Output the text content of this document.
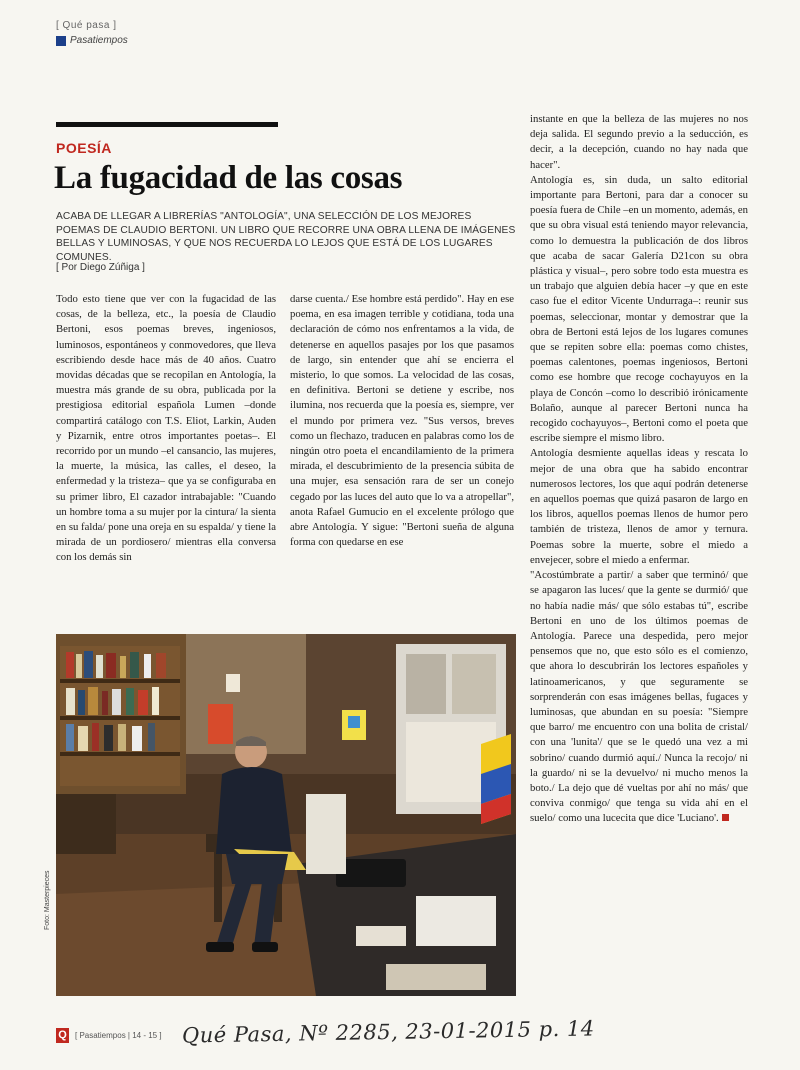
[ Qué pasa ]
Pasatiempos
POESÍA
La fugacidad de las cosas
ACABA DE LLEGAR A LIBRERÍAS "ANTOLOGÍA", UNA SELECCIÓN DE LOS MEJORES POEMAS DE CLAUDIO BERTONI. UN LIBRO QUE RECORRE UNA OBRA LLENA DE IMÁGENES BELLAS Y LUMINOSAS, Y QUE NOS RECUERDA LO LEJOS QUE ESTÁ DE LOS LUGARES COMUNES.
[ Por Diego Zúñiga ]

Todo esto tiene que ver con la fugacidad de las cosas, de la belleza, etc., la poesía de Claudio Bertoni, esos poemas breves, ingeniosos, luminosos, espontáneos y conmovedores, que lleva escribiendo desde hace más de 40 años. Cuatro movidas décadas que se recopilan en Antología, la muestra más grande de su obra, publicada por la prestigiosa editorial española Lumen –donde compartirá catálogo con T.S. Eliot, Larkin, Auden y Pizarnik, entre otros importantes poetas–. El recorrido por un mundo –el cansancio, las mujeres, la muerte, la música, las calles, el deseo, la enfermedad y la tristeza– que ya se configuraba en su primer libro, El cazador intrabajable: "Cuando un hombre toma a su mujer por la cintura/ la sienta en su falda/ pone una oreja en su espalda/ y tiene la mirada de un pordiosero/ mientras ella conversa con los demás sin

darse cuenta./ Ese hombre está perdido". Hay en ese poema, en esa imagen terrible y cotidiana, toda una declaración de cómo nos enfrentamos a la vida, de detenerse en aquellos pasajes por los que pasamos de largo, sin entender que ahí se encierra el misterio, lo que somos. La velocidad de las cosas, en definitiva. Bertoni se detiene y escribe, nos ilumina, nos recuerda que la poesía es, siempre, ver el mundo por primera vez. "Sus versos, breves como un flechazo, traducen en palabras como los de ningún otro poeta el encandilamiento de la primera mirada, el descubrimiento de la presencia súbita de una mujer, esa sensación rara de ser un conejo cegado por las luces del auto que lo va a atropellar", anota Rafael Gumucio en el excelente prólogo que abre Antología. Y sigue: "Bertoni sueña de alguna forma con quedarse en ese

instante en que la belleza de las mujeres no nos deja salida. El segundo previo a la seducción, es decir, a la decepción, cuando no hay nada que hacer".

Antología es, sin duda, un salto editorial importante para Bertoni, para dar a conocer su poesía fuera de Chile –en un momento, además, en que su obra visual está teniendo mayor relevancia, como lo demuestra la publicación de dos libros que acaba de sacar Galería D21con su obra plástica y visual–, pero sobre todo esta muestra es un trabajo que alguien debía hacer –y que en este caso fue el editor Vicente Undurraga–: reunir sus poemas, seleccionar, montar y demostrar que la obra de Bertoni está lejos de los lugares comunes que se repiten sobre ella: poemas como chistes, poemas calentones, poemas ingeniosos, Bertoni como ese hombre que recoge cochayuyos en la playa de Concón –como lo describió irónicamente Bolaño, aunque al parecer Bertoni nunca ha recogido cochayuyos–, Bertoni como el poeta que escribe siempre el mismo libro.

Antología desmiente aquellas ideas y rescata lo mejor de una obra que ha sabido encontrar numerosos lectores, los que aquí podrán detenerse en aquellos poemas que quizá pasaron de largo en los libros, aquellos poemas llenos de humor pero también de tristeza, llenos de amor y ternura. Poemas sobre la muerte, sobre el miedo a envejecer, sobre el miedo a enfermar.

"Acostúmbrate a partir/ a saber que terminó/ que se apagaron las luces/ que la gente se durmió/ que no había nadie más/ que sólo estabas tú", escribe Bertoni en uno de los últimos poemas de Antología. Parece una despedida, pero mejor pensemos que no, que esto sólo es el comienzo, que ahora lo descubrirán los lectores españoles y latinoamericanos, y que seguramente se sorprenderán con esas imágenes bellas, fugaces y luminosas, que abundan en su poesía: "Siempre que barro/ me encuentro con una bolita de cristal/ con una 'lunita'/ que se le quedó una vez a mi sobrino/ cuando durmió aquí./ Nunca la recojo/ ni la guardo/ ni se la devuelvo/ ni mucho menos la boto./ La dejo que dé vueltas por ahí no más/ que conviva conmigo/ que tenga su vida ahí en el suelo/ como una lucecita que dice 'Luciano'.

Foto: Masterpieces
Q [ Pasatiempos | 14 - 15 ] Qué Pasa, Nº 2285, 23-01-2015 p. 14
